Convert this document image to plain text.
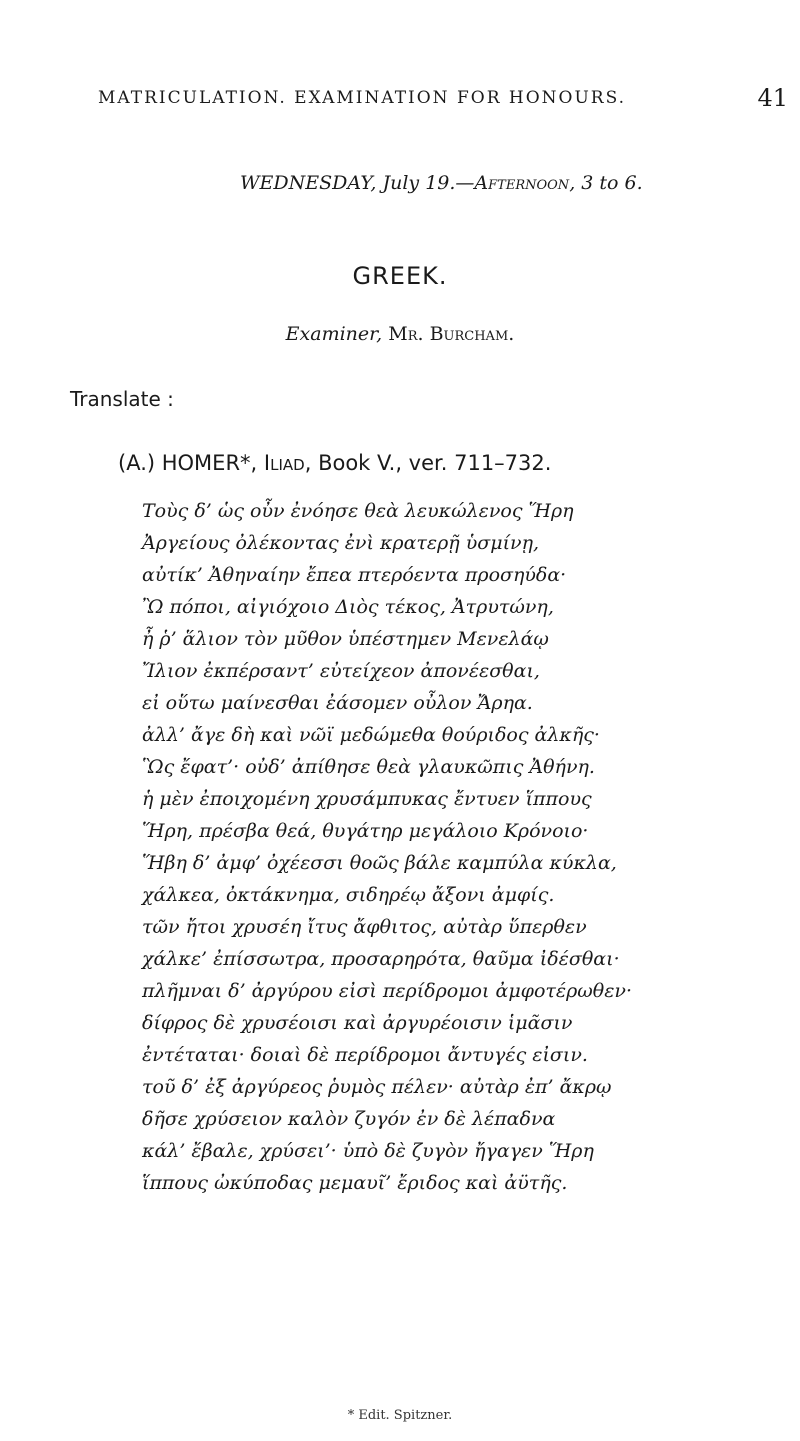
MATRICULATION. EXAMINATION FOR HONOURS.	41
WEDNESDAY, July 19.—Afternoon, 3 to 6.
GREEK.
Examiner, Mr. Burcham.
Translate :
(A.) HOMER*, Iliad, Book V., ver. 711–732.
Τοὺς δ’ ὡς οὖν ἐνόησε θεὰ λευκώλενος Ἥρη
Ἀργείους ὀλέκοντας ἐνὶ κρατερῇ ὑσμίνῃ,
αὐτίκ’ Ἀθηναίην ἔπεα πτερόεντα προσηύδα·
Ὢ πόποι, αἰγιόχοιο Διὸς τέκος, Ἀτρυτώνη,
ἦ ῥ’ ἅλιον τὸν μῦθον ὑπέστημεν Μενελάῳ
Ἴλιον ἐκπέρσαντ’ εὐτείχεον ἀπονέεσθαι,
εἰ οὕτω μαίνεσθαι ἐάσομεν οὖλον Ἄρηα.
ἀλλ’ ἄγε δὴ καὶ νῶϊ μεδώμεθα θούριδος ἀλκῆς·
Ὣς ἔφατ’· οὐδ’ ἀπίθησε θεὰ γλαυκῶπις Ἀθήνη.
ἡ μὲν ἐποιχομένη χρυσάμπυκας ἔντυεν ἵππους
Ἥρη, πρέσβα θεά, θυγάτηρ μεγάλοιο Κρόνοιο·
Ἥβη δ’ ἀμφ’ ὀχέεσσι θοῶς βάλε καμπύλα κύκλα,
χάλκεα, ὀκτάκνημα, σιδηρέῳ ἄξονι ἀμφίς.
τῶν ἤτοι χρυσέη ἴτυς ἄφθιτος, αὐτὰρ ὕπερθεν
χάλκε’ ἐπίσσωτρα, προσαρηρότα, θαῦμα ἰδέσθαι·
πλῆμναι δ’ ἀργύρου εἰσὶ περίδρομοι ἀμφοτέρωθεν·
δίφρος δὲ χρυσέοισι καὶ ἀργυρέοισιν ἱμᾶσιν
ἐντέταται· δοιαὶ δὲ περίδρομοι ἄντυγές εἰσιν.
τοῦ δ’ ἐξ ἀργύρεος ῥυμὸς πέλεν· αὐτὰρ ἐπ’ ἄκρῳ
δῆσε χρύσειον καλὸν ζυγόν ἐν δὲ λέπαδνα
κάλ’ ἔβαλε, χρύσει’· ὑπὸ δὲ ζυγὸν ἤγαγεν Ἥρη
ἵππους ὠκύποδας μεμαυῖ’ ἔριδος καὶ ἀϋτῆς.
* Edit. Spitzner.
